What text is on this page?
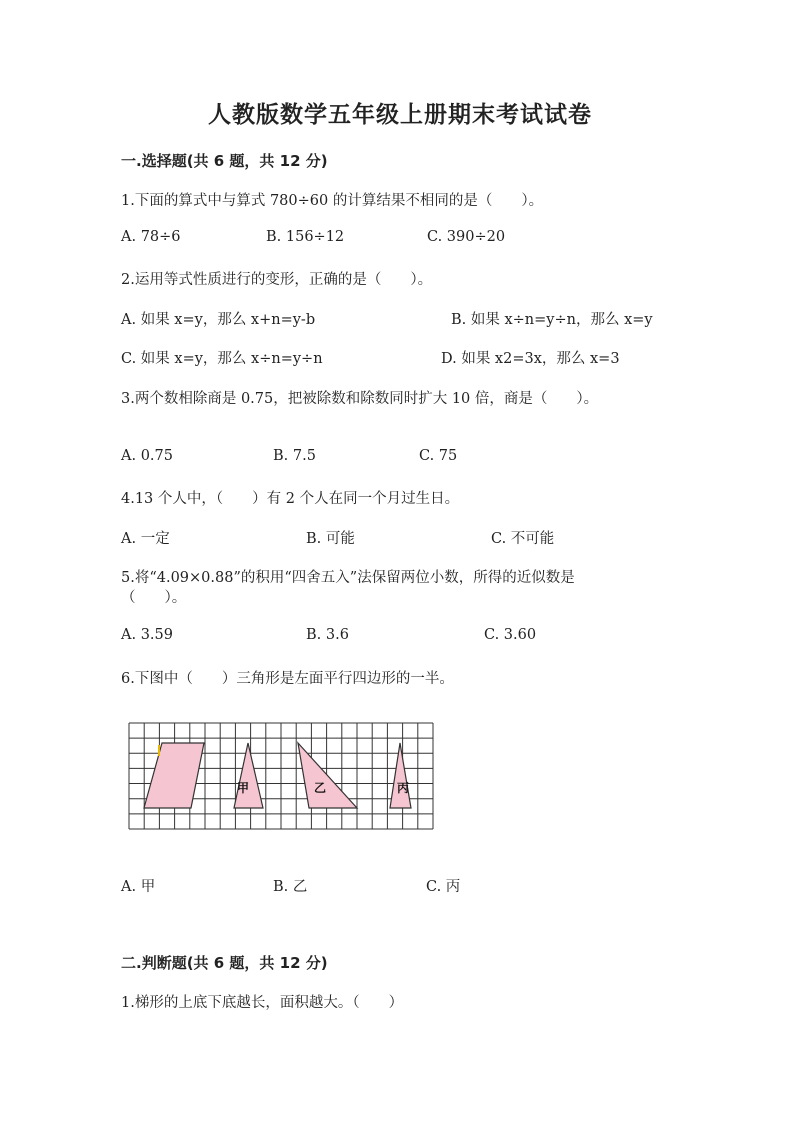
人教版数学五年级上册期末考试试卷
一.选择题(共 6 题，共 12 分)
1.下面的算式中与算式 780÷60 的计算结果不相同的是（　　）。
A. 78÷6	B. 156÷12	C. 390÷20
2.运用等式性质进行的变形，正确的是（　　）。
A. 如果 x=y，那么 x+n=y-b	B. 如果 x÷n=y÷n，那么 x=y
C. 如果 x=y，那么 x÷n=y÷n	D. 如果 x2=3x，那么 x=3
3.两个数相除商是 0.75，把被除数和除数同时扩大 10 倍，商是（　　）。
A. 0.75	B. 7.5	C. 75
4.13 个人中，（　　）有 2 个人在同一个月过生日。
A. 一定	B. 可能	C. 不可能
5.将“4.09×0.88”的积用“四舍五入”法保留两位小数，所得的近似数是
（　　）。
A. 3.59	B. 3.6	C. 3.60
6.下图中（　　）三角形是左面平行四边形的一半。
甲	乙	丙
A. 甲	B. 乙	C. 丙
二.判断题(共 6 题，共 12 分)
1.梯形的上底下底越长，面积越大。（　　）
